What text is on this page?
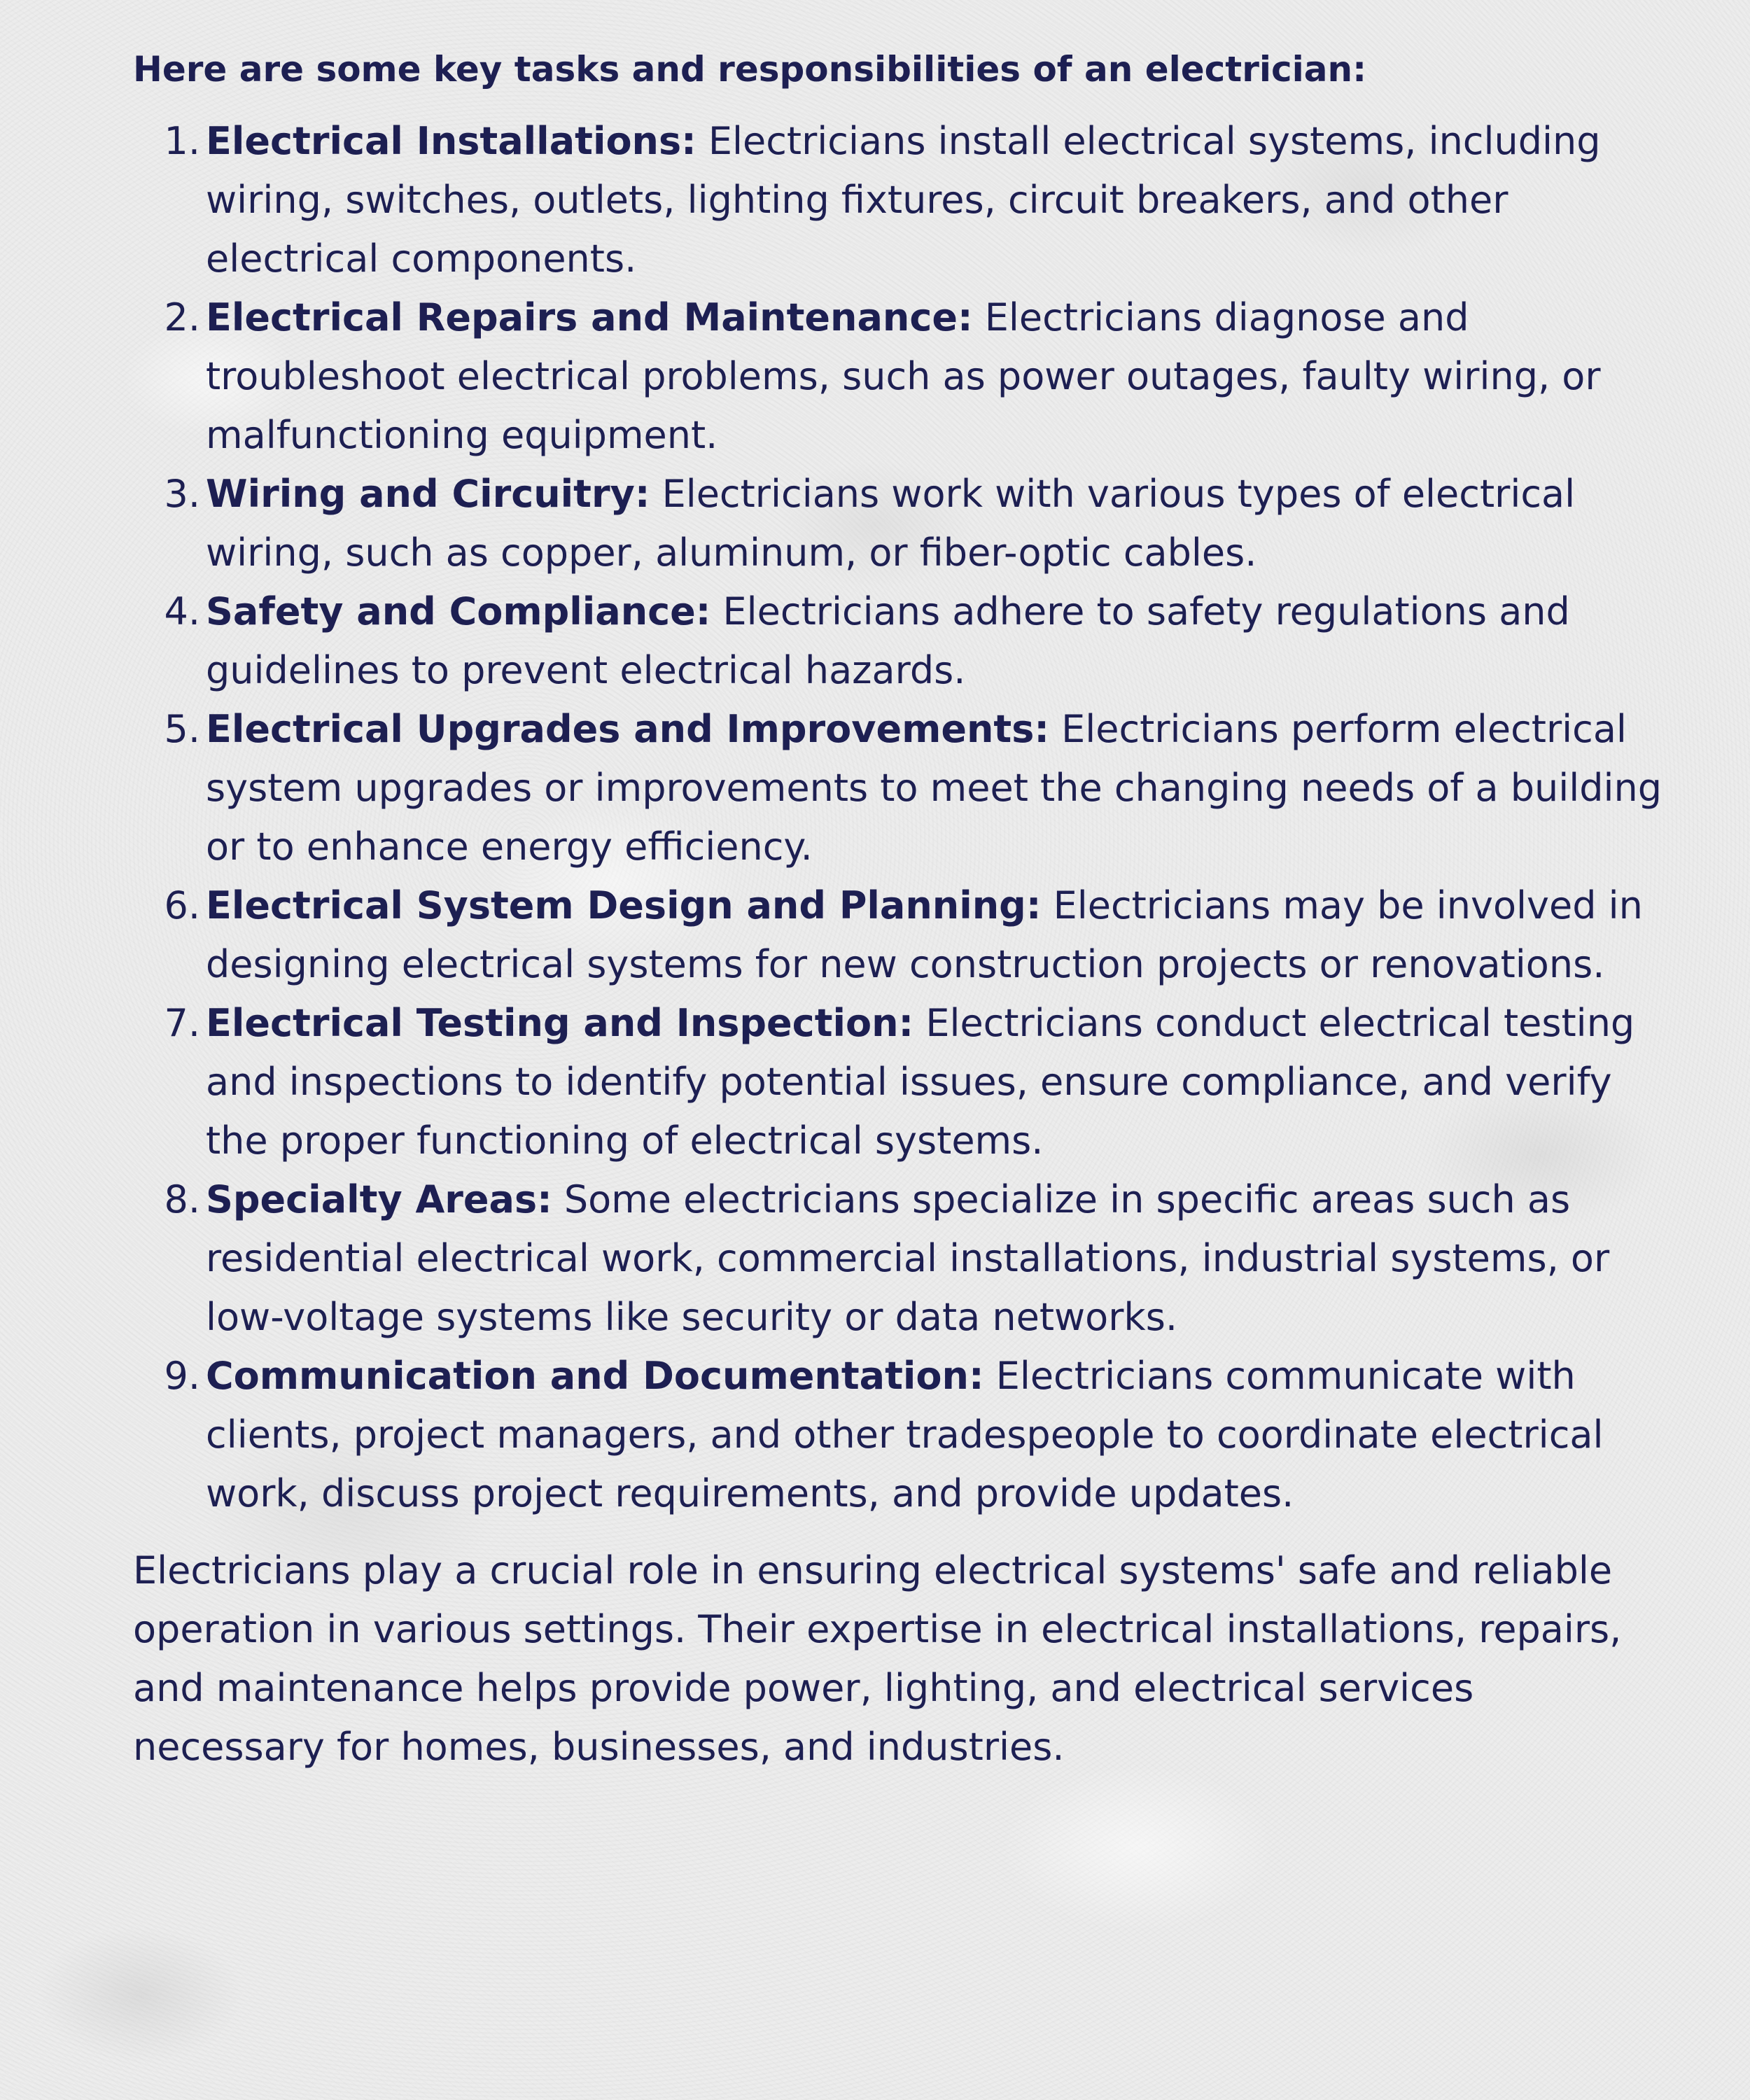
Here are some key tasks and responsibilities of an electrician:

1. Electrical Installations: Electricians install electrical systems, including wiring, switches, outlets, lighting fixtures, circuit breakers, and other electrical components.
2. Electrical Repairs and Maintenance: Electricians diagnose and troubleshoot electrical problems, such as power outages, faulty wiring, or malfunctioning equipment.
3. Wiring and Circuitry: Electricians work with various types of electrical wiring, such as copper, aluminum, or fiber-optic cables.
4. Safety and Compliance: Electricians adhere to safety regulations and guidelines to prevent electrical hazards.
5. Electrical Upgrades and Improvements: Electricians perform electrical system upgrades or improvements to meet the changing needs of a building or to enhance energy efficiency.
6. Electrical System Design and Planning: Electricians may be involved in designing electrical systems for new construction projects or renovations.
7. Electrical Testing and Inspection: Electricians conduct electrical testing and inspections to identify potential issues, ensure compliance, and verify the proper functioning of electrical systems.
8. Specialty Areas: Some electricians specialize in specific areas such as residential electrical work, commercial installations, industrial systems, or low-voltage systems like security or data networks.
9. Communication and Documentation: Electricians communicate with clients, project managers, and other tradespeople to coordinate electrical work, discuss project requirements, and provide updates.

Electricians play a crucial role in ensuring electrical systems' safe and reliable operation in various settings. Their expertise in electrical installations, repairs, and maintenance helps provide power, lighting, and electrical services necessary for homes, businesses, and industries.
